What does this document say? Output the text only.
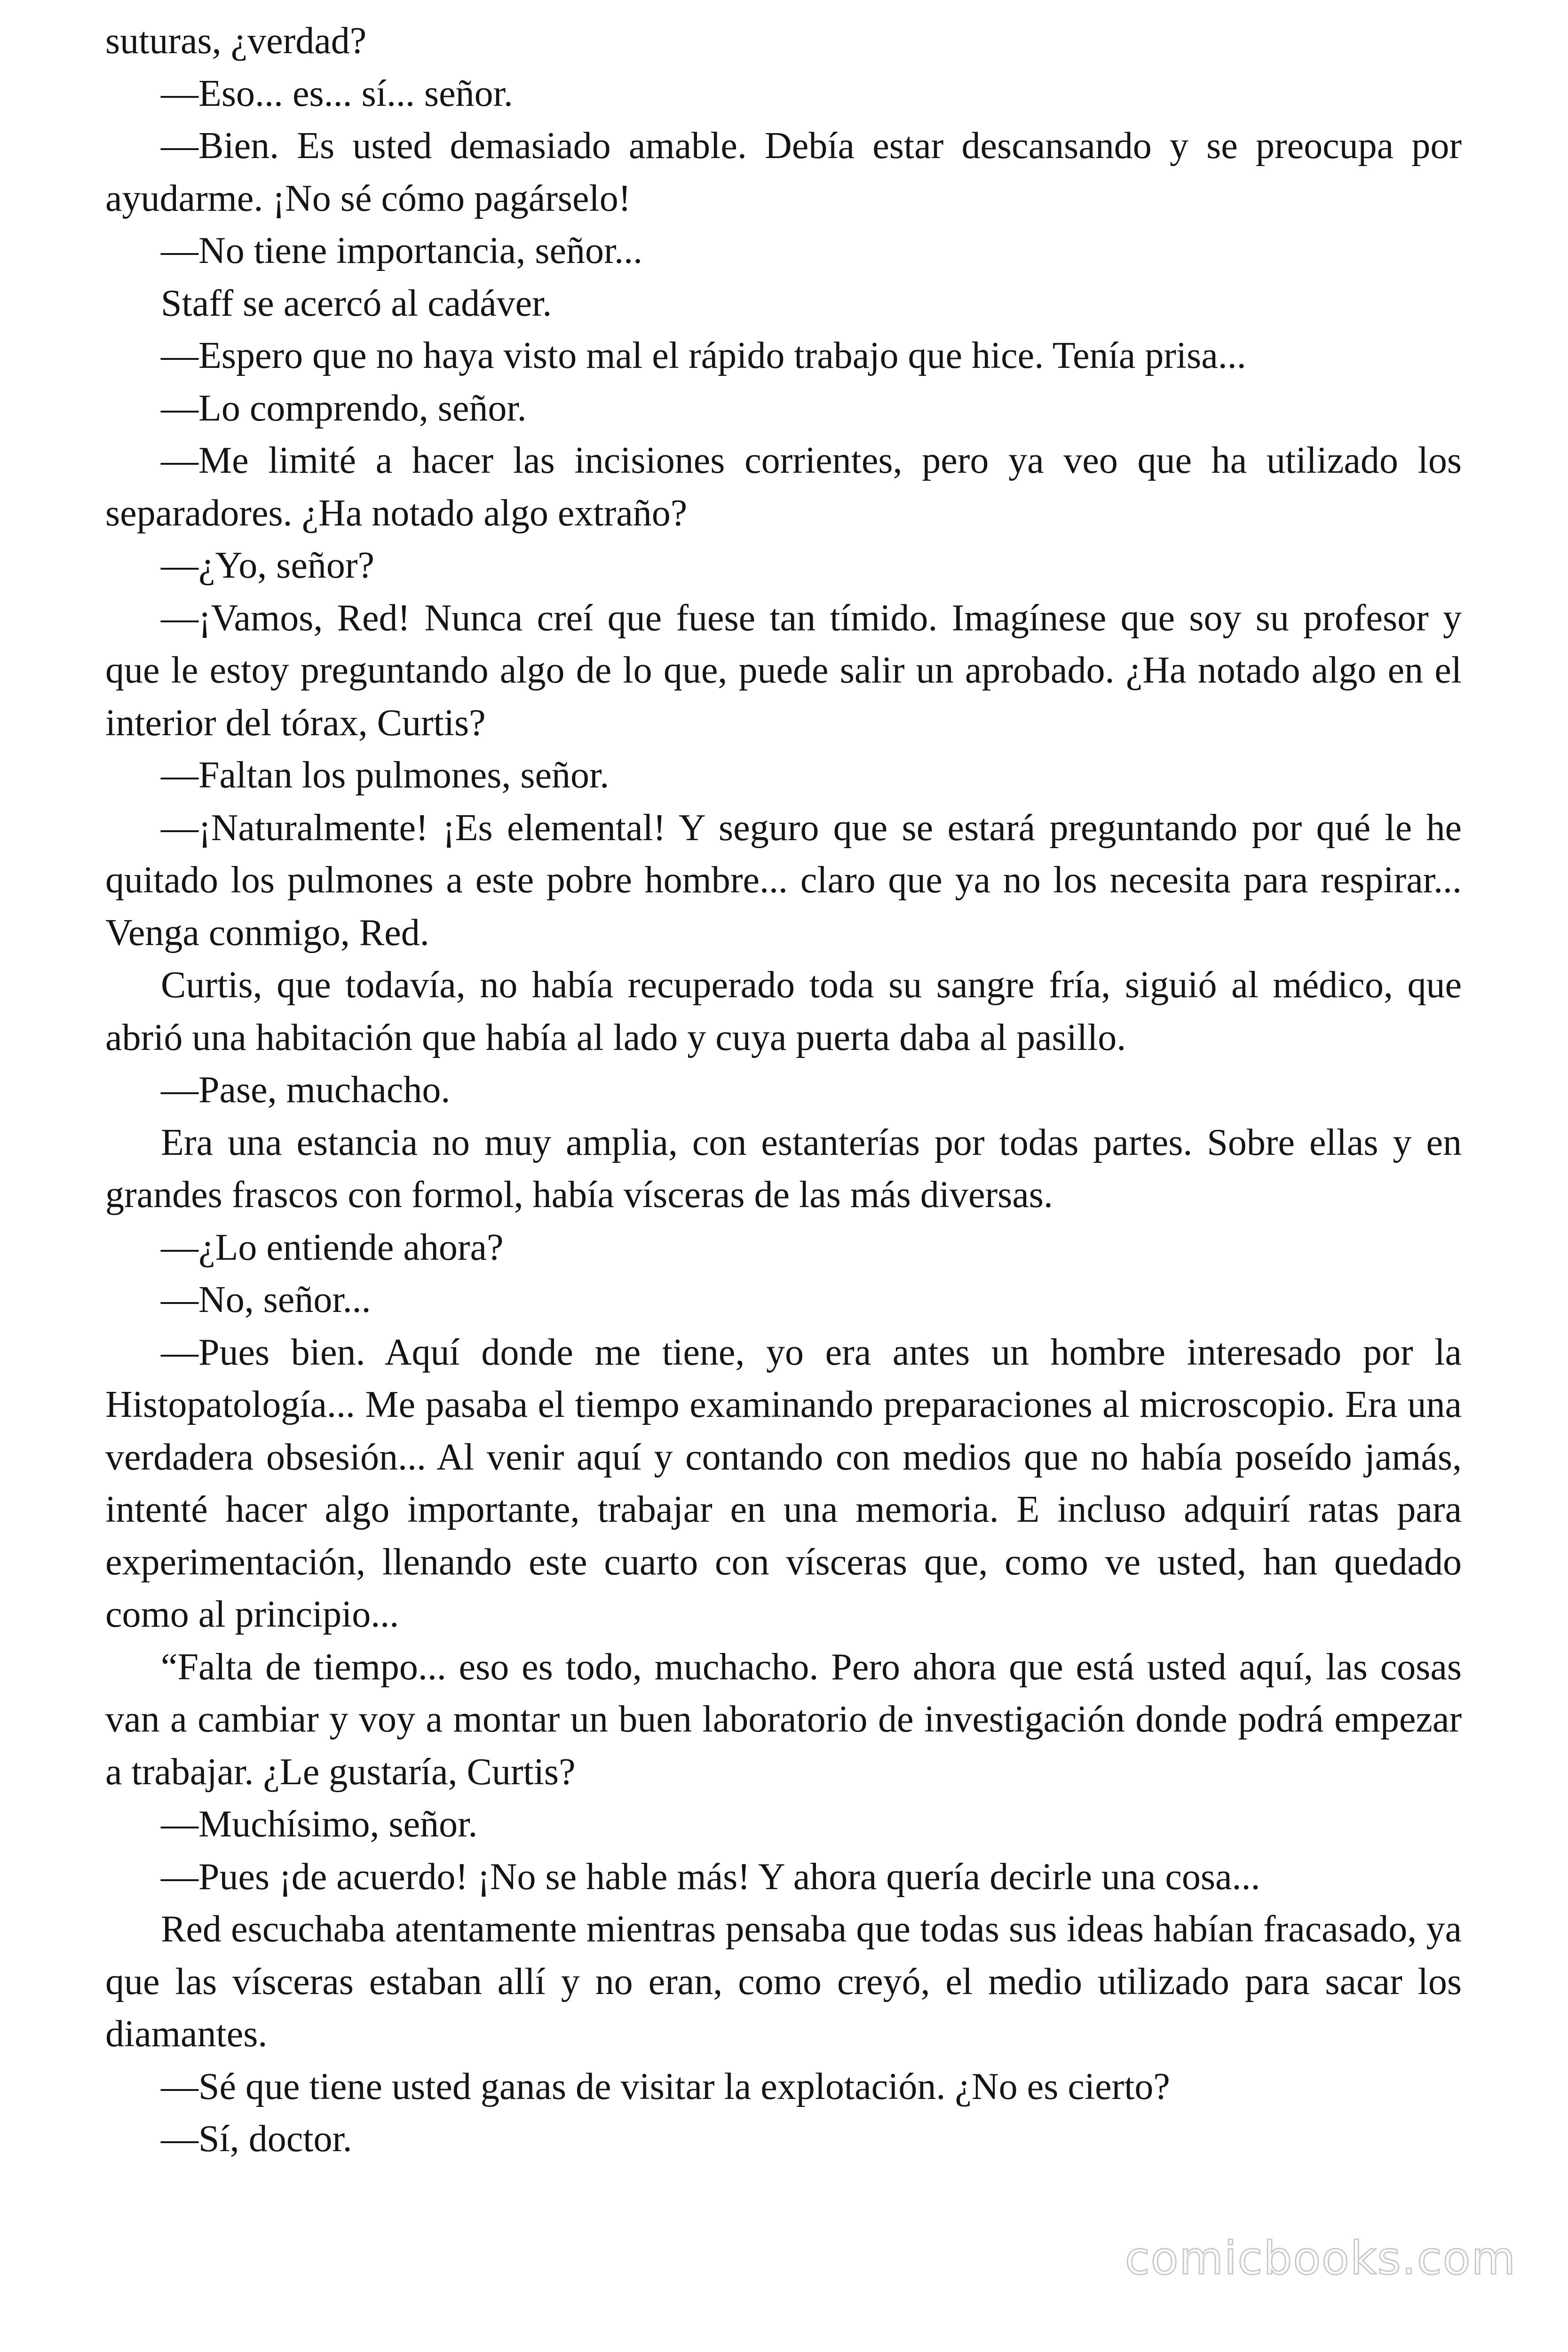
suturas, ¿verdad?

—Eso... es... sí... señor.

—Bien. Es usted demasiado amable. Debía estar descansando y se preocupa por ayudarme. ¡No sé cómo pagárselo!

—No tiene importancia, señor...

Staff se acercó al cadáver.

—Espero que no haya visto mal el rápido trabajo que hice. Tenía prisa...

—Lo comprendo, señor.

—Me limité a hacer las incisiones corrientes, pero ya veo que ha utilizado los separadores. ¿Ha notado algo extraño?

—¿Yo, señor?

—¡Vamos, Red! Nunca creí que fuese tan tímido. Imagínese que soy su profesor y que le estoy preguntando algo de lo que, puede salir un aprobado. ¿Ha notado algo en el interior del tórax, Curtis?

—Faltan los pulmones, señor.

—¡Naturalmente! ¡Es elemental! Y seguro que se estará preguntando por qué le he quitado los pulmones a este pobre hombre... claro que ya no los necesita para respirar... Venga conmigo, Red.

Curtis, que todavía, no había recuperado toda su sangre fría, siguió al médico, que abrió una habitación que había al lado y cuya puerta daba al pasillo.

—Pase, muchacho.

Era una estancia no muy amplia, con estanterías por todas partes. Sobre ellas y en grandes frascos con formol, había vísceras de las más diversas.

—¿Lo entiende ahora?

—No, señor...

—Pues bien. Aquí donde me tiene, yo era antes un hombre interesado por la Histopatología... Me pasaba el tiempo examinando preparaciones al microscopio. Era una verdadera obsesión... Al venir aquí y contando con medios que no había poseído jamás, intenté hacer algo importante, trabajar en una memoria. E incluso adquirí ratas para experimentación, llenando este cuarto con vísceras que, como ve usted, han quedado como al principio...

“Falta de tiempo... eso es todo, muchacho. Pero ahora que está usted aquí, las cosas van a cambiar y voy a montar un buen laboratorio de investigación donde podrá empezar a trabajar. ¿Le gustaría, Curtis?

—Muchísimo, señor.

—Pues ¡de acuerdo! ¡No se hable más! Y ahora quería decirle una cosa...

Red escuchaba atentamente mientras pensaba que todas sus ideas habían fracasado, ya que las vísceras estaban allí y no eran, como creyó, el medio utilizado para sacar los diamantes.

—Sé que tiene usted ganas de visitar la explotación. ¿No es cierto?

—Sí, doctor.

comicbooks.com
